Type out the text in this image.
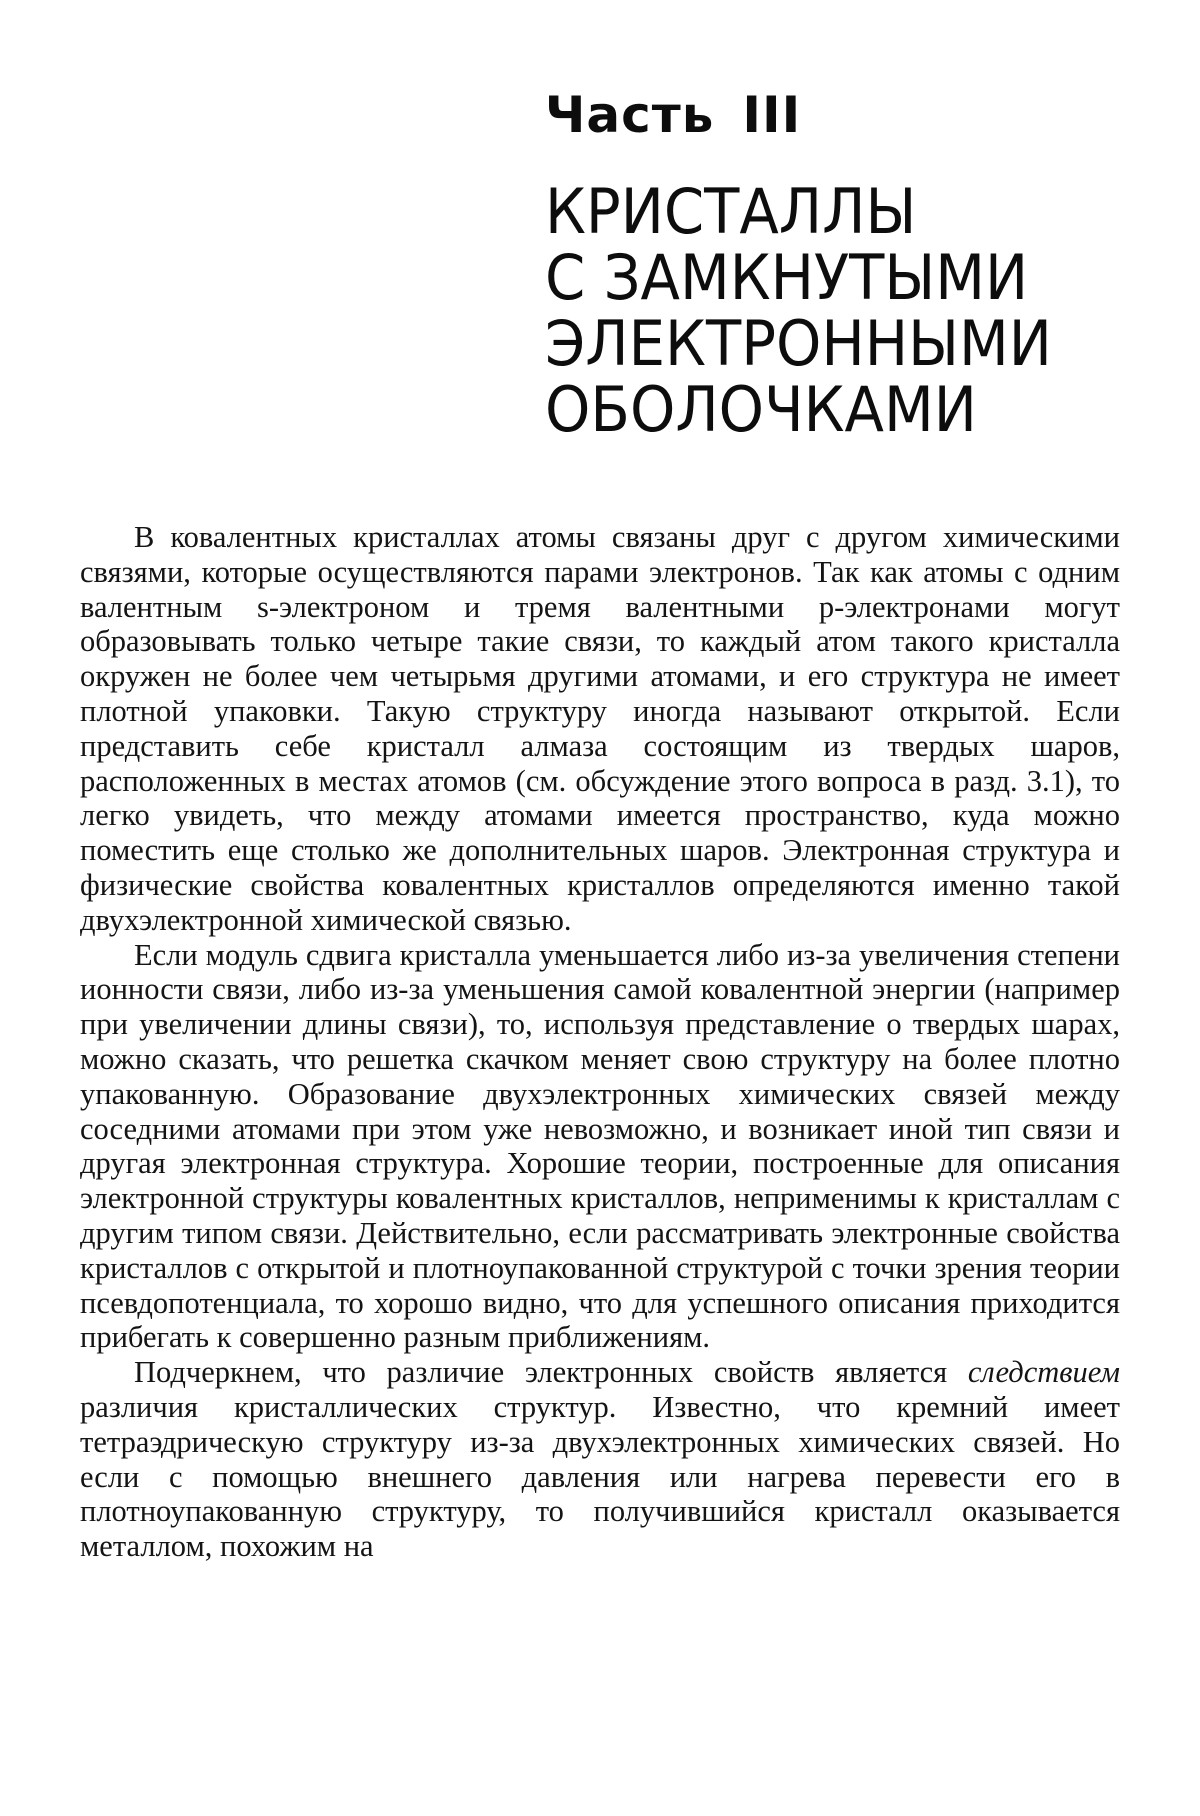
Часть III
КРИСТАЛЛЫ
С ЗАМКНУТЫМИ
ЭЛЕКТРОННЫМИ
ОБОЛОЧКАМИ

В ковалентных кристаллах атомы связаны друг с другом химическими связями, которые осуществляются парами электронов. Так как атомы с одним валентным s-электроном и тремя валентными р-электронами могут образовывать только четыре такие связи, то каждый атом такого кристалла окружен не более чем четырьмя другими атомами, и его структура не имеет плотной упаковки. Такую структуру иногда называют открытой. Если представить себе кристалл алмаза состоящим из твердых шаров, расположенных в местах атомов (см. обсуждение этого вопроса в разд. 3.1), то легко увидеть, что между атомами имеется пространство, куда можно поместить еще столько же дополнительных шаров. Электронная структура и физические свойства ковалентных кристаллов определяются именно такой двухэлектронной химической связью.

Если модуль сдвига кристалла уменьшается либо из-за увеличения степени ионности связи, либо из-за уменьшения самой ковалентной энергии (например при увеличении длины связи), то, используя представление о твердых шарах, можно сказать, что решетка скачком меняет свою структуру на более плотно упакованную. Образование двухэлектронных химических связей между соседними атомами при этом уже невозможно, и возникает иной тип связи и другая электронная структура. Хорошие теории, построенные для описания электронной структуры ковалентных кристаллов, неприменимы к кристаллам с другим типом связи. Действительно, если рассматривать электронные свойства кристаллов с открытой и плотноупакованной структурой с точки зрения теории псевдопотенциала, то хорошо видно, что для успешного описания приходится прибегать к совершенно разным приближениям.

Подчеркнем, что различие электронных свойств является следствием различия кристаллических структур. Известно, что кремний имеет тетраэдрическую структуру из-за двухэлектронных химических связей. Но если с помощью внешнего давления или нагрева перевести его в плотноупакованную структуру, то получившийся кристалл оказывается металлом, похожим на
